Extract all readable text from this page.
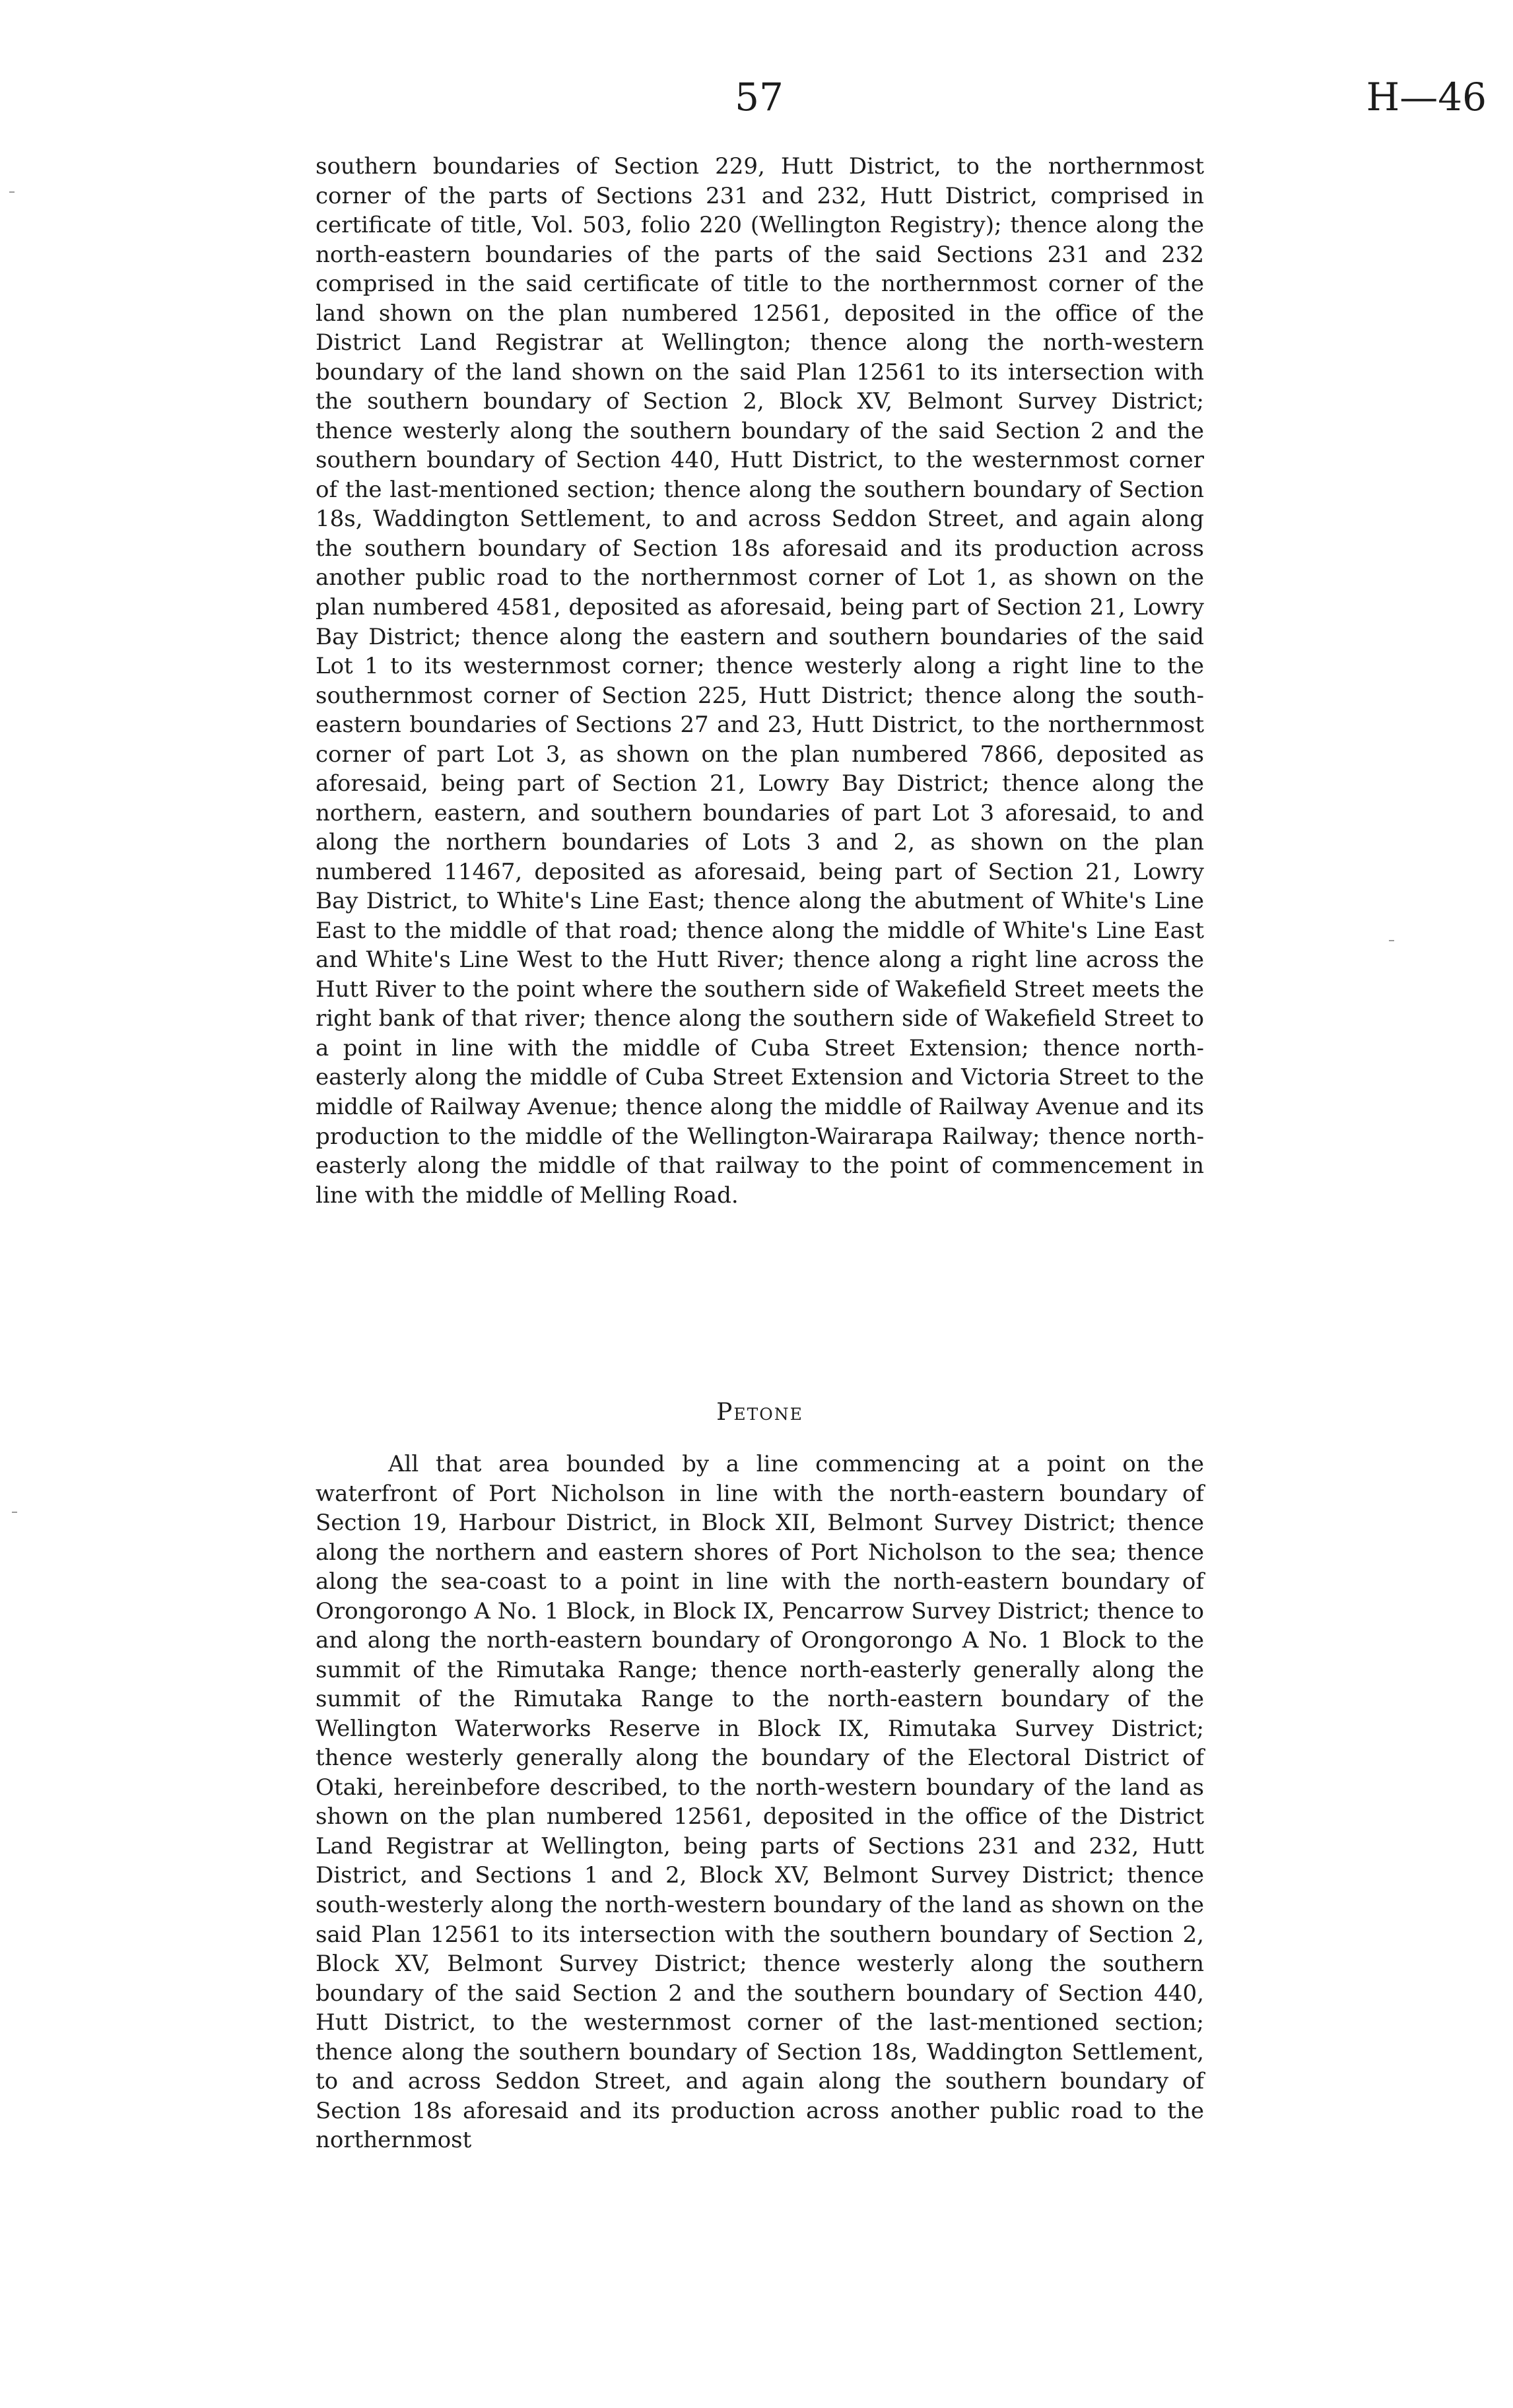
57	H—46

southern boundaries of Section 229, Hutt District, to the northernmost corner of the parts of Sections 231 and 232, Hutt District, comprised in certificate of title, Vol. 503, folio 220 (Wellington Registry); thence along the north-eastern boundaries of the parts of the said Sections 231 and 232 comprised in the said certificate of title to the northernmost corner of the land shown on the plan numbered 12561, deposited in the office of the District Land Registrar at Wellington; thence along the north-western boundary of the land shown on the said Plan 12561 to its intersection with the southern boundary of Section 2, Block XV, Belmont Survey District; thence westerly along the southern boundary of the said Section 2 and the southern boundary of Section 440, Hutt District, to the westernmost corner of the last-mentioned section; thence along the southern boundary of Section 18s, Waddington Settlement, to and across Seddon Street, and again along the southern boundary of Section 18s aforesaid and its production across another public road to the northernmost corner of Lot 1, as shown on the plan numbered 4581, deposited as aforesaid, being part of Section 21, Lowry Bay District; thence along the eastern and southern boundaries of the said Lot 1 to its westernmost corner; thence westerly along a right line to the southernmost corner of Section 225, Hutt District; thence along the south-eastern boundaries of Sections 27 and 23, Hutt District, to the northernmost corner of part Lot 3, as shown on the plan numbered 7866, deposited as aforesaid, being part of Section 21, Lowry Bay District; thence along the northern, eastern, and southern boundaries of part Lot 3 aforesaid, to and along the northern boundaries of Lots 3 and 2, as shown on the plan numbered 11467, deposited as aforesaid, being part of Section 21, Lowry Bay District, to White's Line East; thence along the abutment of White's Line East to the middle of that road; thence along the middle of White's Line East and White's Line West to the Hutt River; thence along a right line across the Hutt River to the point where the southern side of Wakefield Street meets the right bank of that river; thence along the southern side of Wakefield Street to a point in line with the middle of Cuba Street Extension; thence north-easterly along the middle of Cuba Street Extension and Victoria Street to the middle of Railway Avenue; thence along the middle of Railway Avenue and its production to the middle of the Wellington-Wairarapa Railway; thence north-easterly along the middle of that railway to the point of commencement in line with the middle of Melling Road.

Petone

All that area bounded by a line commencing at a point on the waterfront of Port Nicholson in line with the north-eastern boundary of Section 19, Harbour District, in Block XII, Belmont Survey District; thence along the northern and eastern shores of Port Nicholson to the sea; thence along the sea-coast to a point in line with the north-eastern boundary of Orongorongo A No. 1 Block, in Block IX, Pencarrow Survey District; thence to and along the north-eastern boundary of Orongorongo A No. 1 Block to the summit of the Rimutaka Range; thence north-easterly generally along the summit of the Rimutaka Range to the north-eastern boundary of the Wellington Waterworks Reserve in Block IX, Rimutaka Survey District; thence westerly generally along the boundary of the Electoral District of Otaki, hereinbefore described, to the north-western boundary of the land as shown on the plan numbered 12561, deposited in the office of the District Land Registrar at Wellington, being parts of Sections 231 and 232, Hutt District, and Sections 1 and 2, Block XV, Belmont Survey District; thence south-westerly along the north-western boundary of the land as shown on the said Plan 12561 to its intersection with the southern boundary of Section 2, Block XV, Belmont Survey District; thence westerly along the southern boundary of the said Section 2 and the southern boundary of Section 440, Hutt District, to the westernmost corner of the last-mentioned section; thence along the southern boundary of Section 18s, Waddington Settlement, to and across Seddon Street, and again along the southern boundary of Section 18s aforesaid and its production across another public road to the northernmost
